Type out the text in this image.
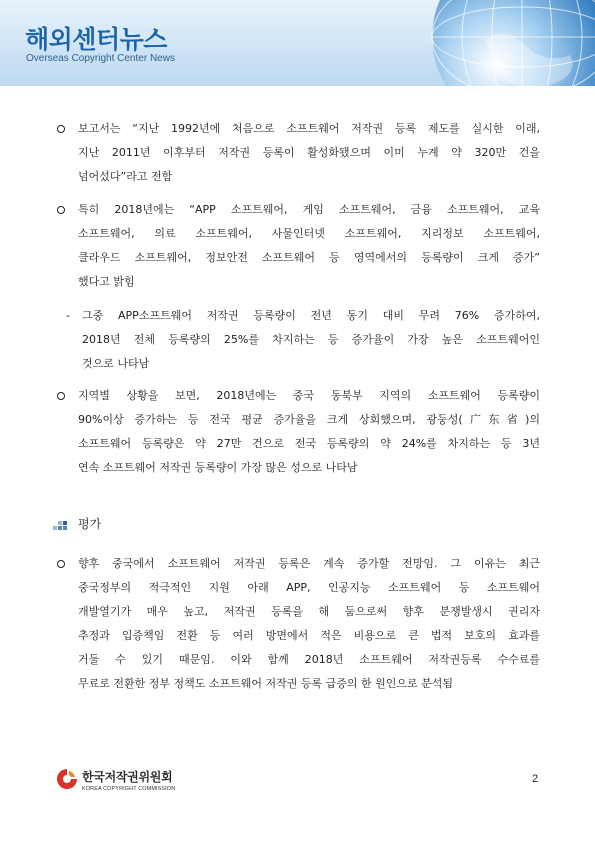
해외센터뉴스
Overseas Copyright Center News
보고서는 “지난 1992년에 처음으로 소프트웨어 저작권 등록 제도를 실시한 이래,
지난 2011년 이후부터 저작권 등록이 활성화됐으며 이미 누계 약 320만 건을
넘어섰다”라고 전함
특히 2018년에는 “APP 소프트웨어, 게임 소프트웨어, 금융 소프트웨어, 교육
소프트웨어, 의료 소프트웨어, 사물인터넷 소프트웨어, 지리정보 소프트웨어,
클라우드 소프트웨어, 정보안전 소프트웨어 등 영역에서의 등록량이 크게 증가”
했다고 밝힘
- 그중 APP소프트웨어 저작권 등록량이 전년 동기 대비 무려 76% 증가하여,
2018년 전체 등록량의 25%를 차지하는 등 증가율이 가장 높은 소프트웨어인
것으로 나타남
지역별 상황을 보면, 2018년에는 중국 동북부 지역의 소프트웨어 등록량이
90%이상 증가하는 등 전국 평균 증가율을 크게 상회했으며, 광둥성(广东省)의
소프트웨어 등록량은 약 27만 건으로 전국 등록량의 약 24%를 차지하는 등 3년
연속 소프트웨어 저작권 등록량이 가장 많은 성으로 나타남
향후 중국에서 소프트웨어 저작권 등록은 계속 증가할 전망임. 그 이유는 최근
중국정부의 적극적인 지원 아래 APP, 인공지능 소프트웨어 등 소프트웨어
개발열기가 매우 높고, 저작권 등록을 해 둠으로써 향후 분쟁발생시 권리자
추정과 입증책임 전환 등 여러 방면에서 적은 비용으로 큰 법적 보호의 효과를
거둘 수 있기 때문임. 이와 함께 2018년 소프트웨어 저작권등록 수수료를
무료로 전환한 정부 정책도 소프트웨어 저작권 등록 급증의 한 원인으로 분석됨
평가
한국저작권위원회
KOREA COPYRIGHT COMMISSION
2
